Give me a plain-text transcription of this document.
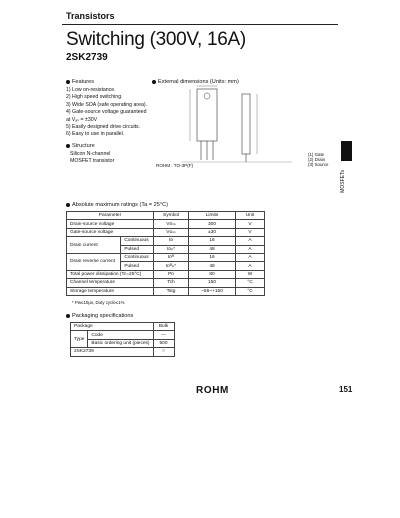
Transistors
Switching (300V, 16A)
2SK2739
Features
1) Low on-resistance.
2) High speed switching.
3) Wide SOA (safe operating area).
4) Gate-source voltage guaranteed
at Vₐₛ = ±30V
5) Easily designed drive circuits.
6) Easy to use in parallel.
Structure
Silicon N-channel
MOSFET transistor
External dimensions (Units: mm)
ROHM : TO-3P(F)
(1) Gate
(2) Drain
(3) Source
MOSFETs
Absolute maximum ratings (Ta = 25°C)
Parameter		Symbol	Limits	Unit
Drain-source voltage		Vᴅₛₛ	300	V
Gate-source voltage		Vɢₛₛ	±30	V
Drain current	Continuous	Iᴅ	16	A
	Pulsed	Iᴅₚ*	48	A
Drain reverse current	Continuous	Iᴅᴿ	16	A
	Pulsed	Iᴅᴿₚ*	48	A
Total power dissipation (Tc=25°C)		Pᴅ	80	W
Channel temperature		Tch	150	°C
Storage temperature		Tstg	−55~+150	°C
* Pw≤10μs, Duty cycle≤1%
Packaging specifications
Package		Bulk
Type	Code	—
	Basic ordering unit (pieces)	500
2SK2739		○
ROHM	151
